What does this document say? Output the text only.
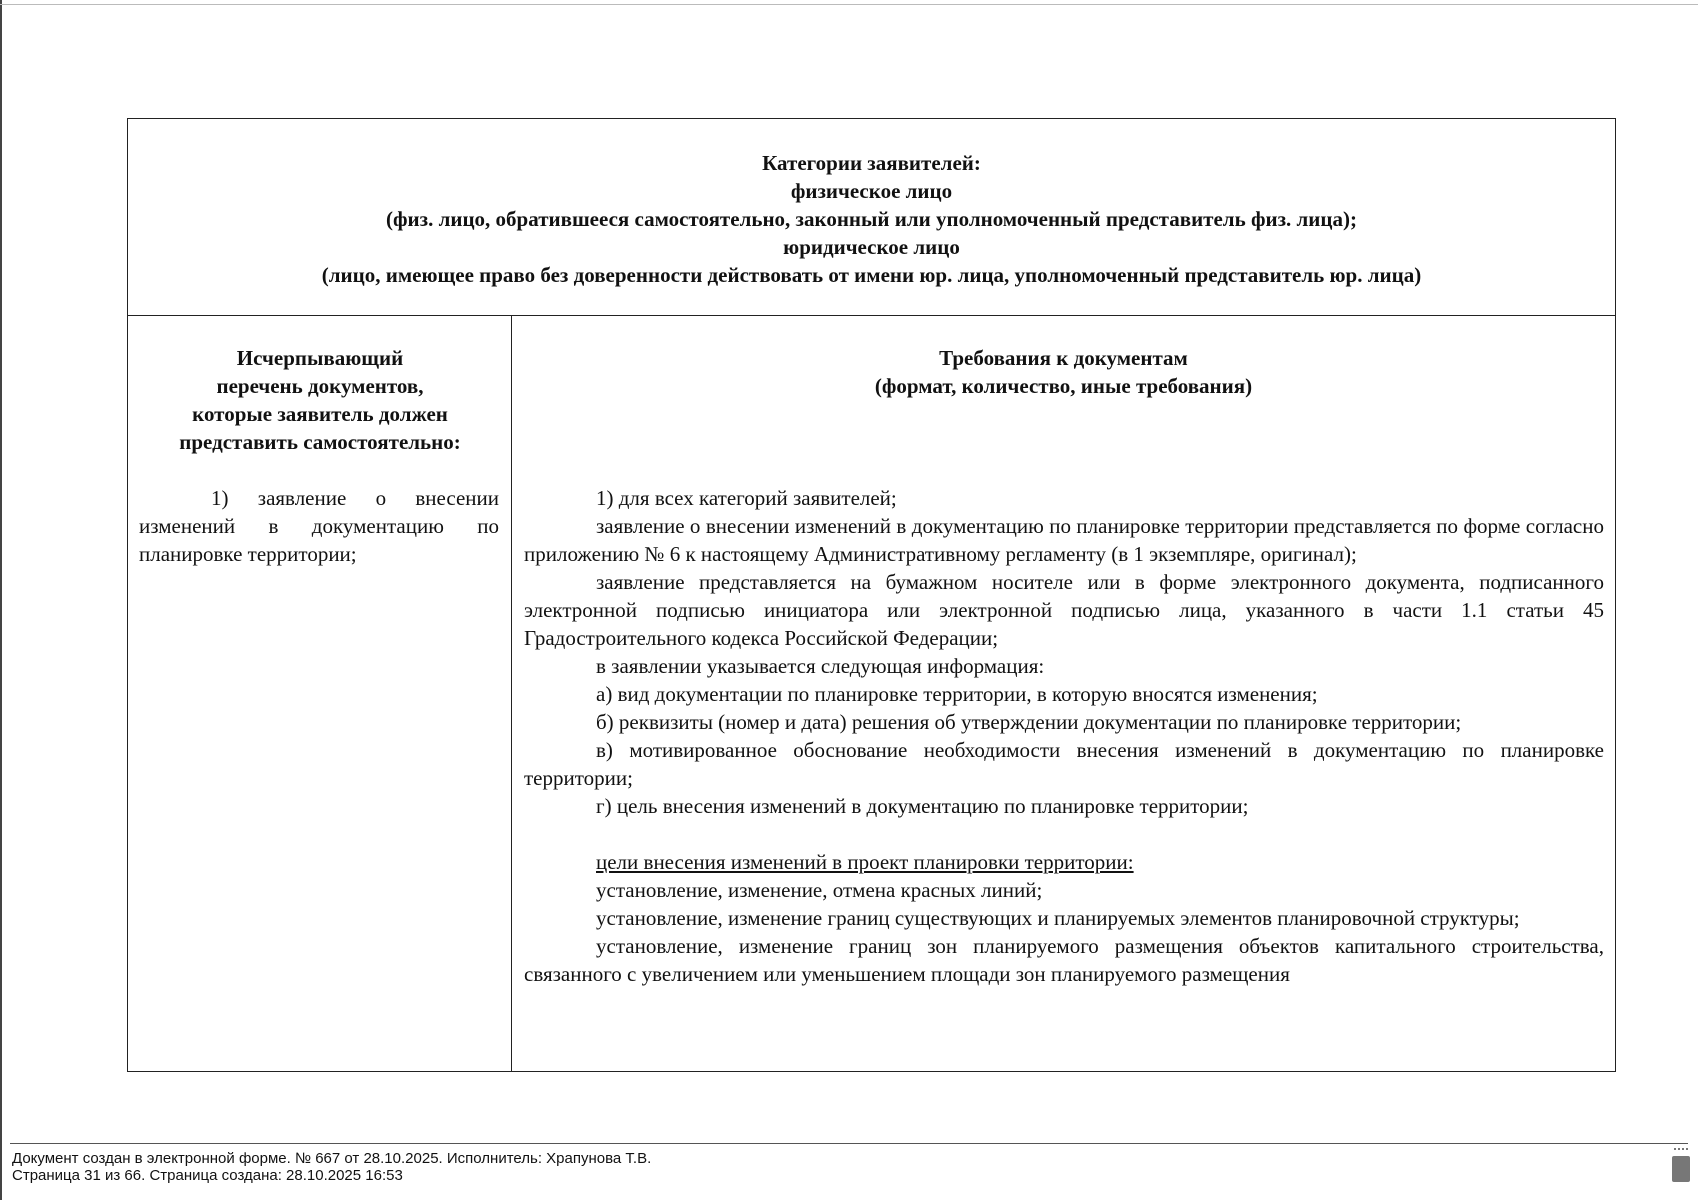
Категории заявителей:
физическое лицо
(физ. лицо, обратившееся самостоятельно, законный или уполномоченный представитель физ. лица);
юридическое лицо
(лицо, имеющее право без доверенности действовать от имени юр. лица, уполномоченный представитель юр. лица)
Исчерпывающий
перечень документов,
которые заявитель должен
представить самостоятельно:
1) заявление о внесении изменений в документацию по планировке территории;
Требования к документам
(формат, количество, иные требования)

1) для всех категорий заявителей;

заявление о внесении изменений в документацию по планировке территории представляется по форме согласно приложению № 6 к настоящему Административному регламенту (в 1 экземпляре, оригинал);

заявление представляется на бумажном носителе или в форме электронного документа, подписанного электронной подписью инициатора или электронной подписью лица, указанного в части 1.1 статьи 45 Градостроительного кодекса Российской Федерации;

в заявлении указывается следующая информация:

а) вид документации по планировке территории, в которую вносятся изменения;

б) реквизиты (номер и дата) решения об утверждении документации по планировке территории;

в) мотивированное обоснование необходимости внесения изменений в документацию по планировке территории;

г) цель внесения изменений в документацию по планировке территории;

цели внесения изменений в проект планировки территории:

установление, изменение, отмена красных линий;

установление, изменение границ существующих и планируемых элементов планировочной структуры;

установление, изменение границ зон планируемого размещения объектов капитального строительства, связанного с увеличением или уменьшением площади зон планируемого размещения

Документ создан в электронной форме. № 667 от 28.10.2025. Исполнитель: Храпунова Т.В.
Страница 31 из 66. Страница создана: 28.10.2025 16:53
